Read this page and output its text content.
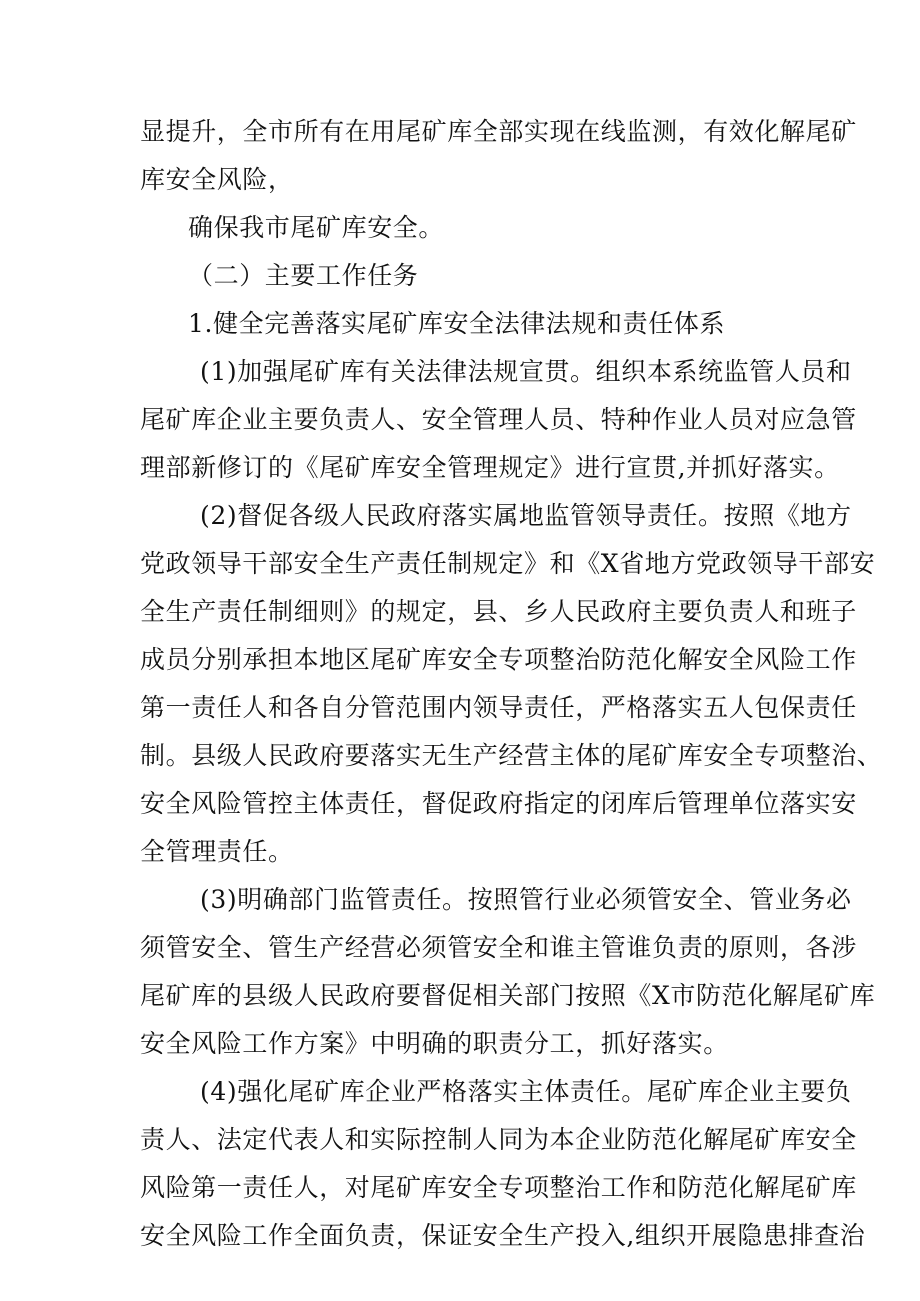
显提升，全市所有在用尾矿库全部实现在线监测，有效化解尾矿
库安全风险，
确保我市尾矿库安全。
（二）主要工作任务
1.健全完善落实尾矿库安全法律法规和责任体系
(1)加强尾矿库有关法律法规宣贯。组织本系统监管人员和
尾矿库企业主要负责人、安全管理人员、特种作业人员对应急管
理部新修订的《尾矿库安全管理规定》进行宣贯,并抓好落实。
(2)督促各级人民政府落实属地监管领导责任。按照《地方
党政领导干部安全生产责任制规定》和《X省地方党政领导干部安
全生产责任制细则》的规定，县、乡人民政府主要负责人和班子
成员分别承担本地区尾矿库安全专项整治防范化解安全风险工作
第一责任人和各自分管范围内领导责任，严格落实五人包保责任
制。县级人民政府要落实无生产经营主体的尾矿库安全专项整治、
安全风险管控主体责任，督促政府指定的闭库后管理单位落实安
全管理责任。
(3)明确部门监管责任。按照管行业必须管安全、管业务必
须管安全、管生产经营必须管安全和谁主管谁负责的原则，各涉
尾矿库的县级人民政府要督促相关部门按照《X市防范化解尾矿库
安全风险工作方案》中明确的职责分工，抓好落实。
(4)强化尾矿库企业严格落实主体责任。尾矿库企业主要负
责人、法定代表人和实际控制人同为本企业防范化解尾矿库安全
风险第一责任人，对尾矿库安全专项整治工作和防范化解尾矿库
安全风险工作全面负责，保证安全生产投入,组织开展隐患排查治
